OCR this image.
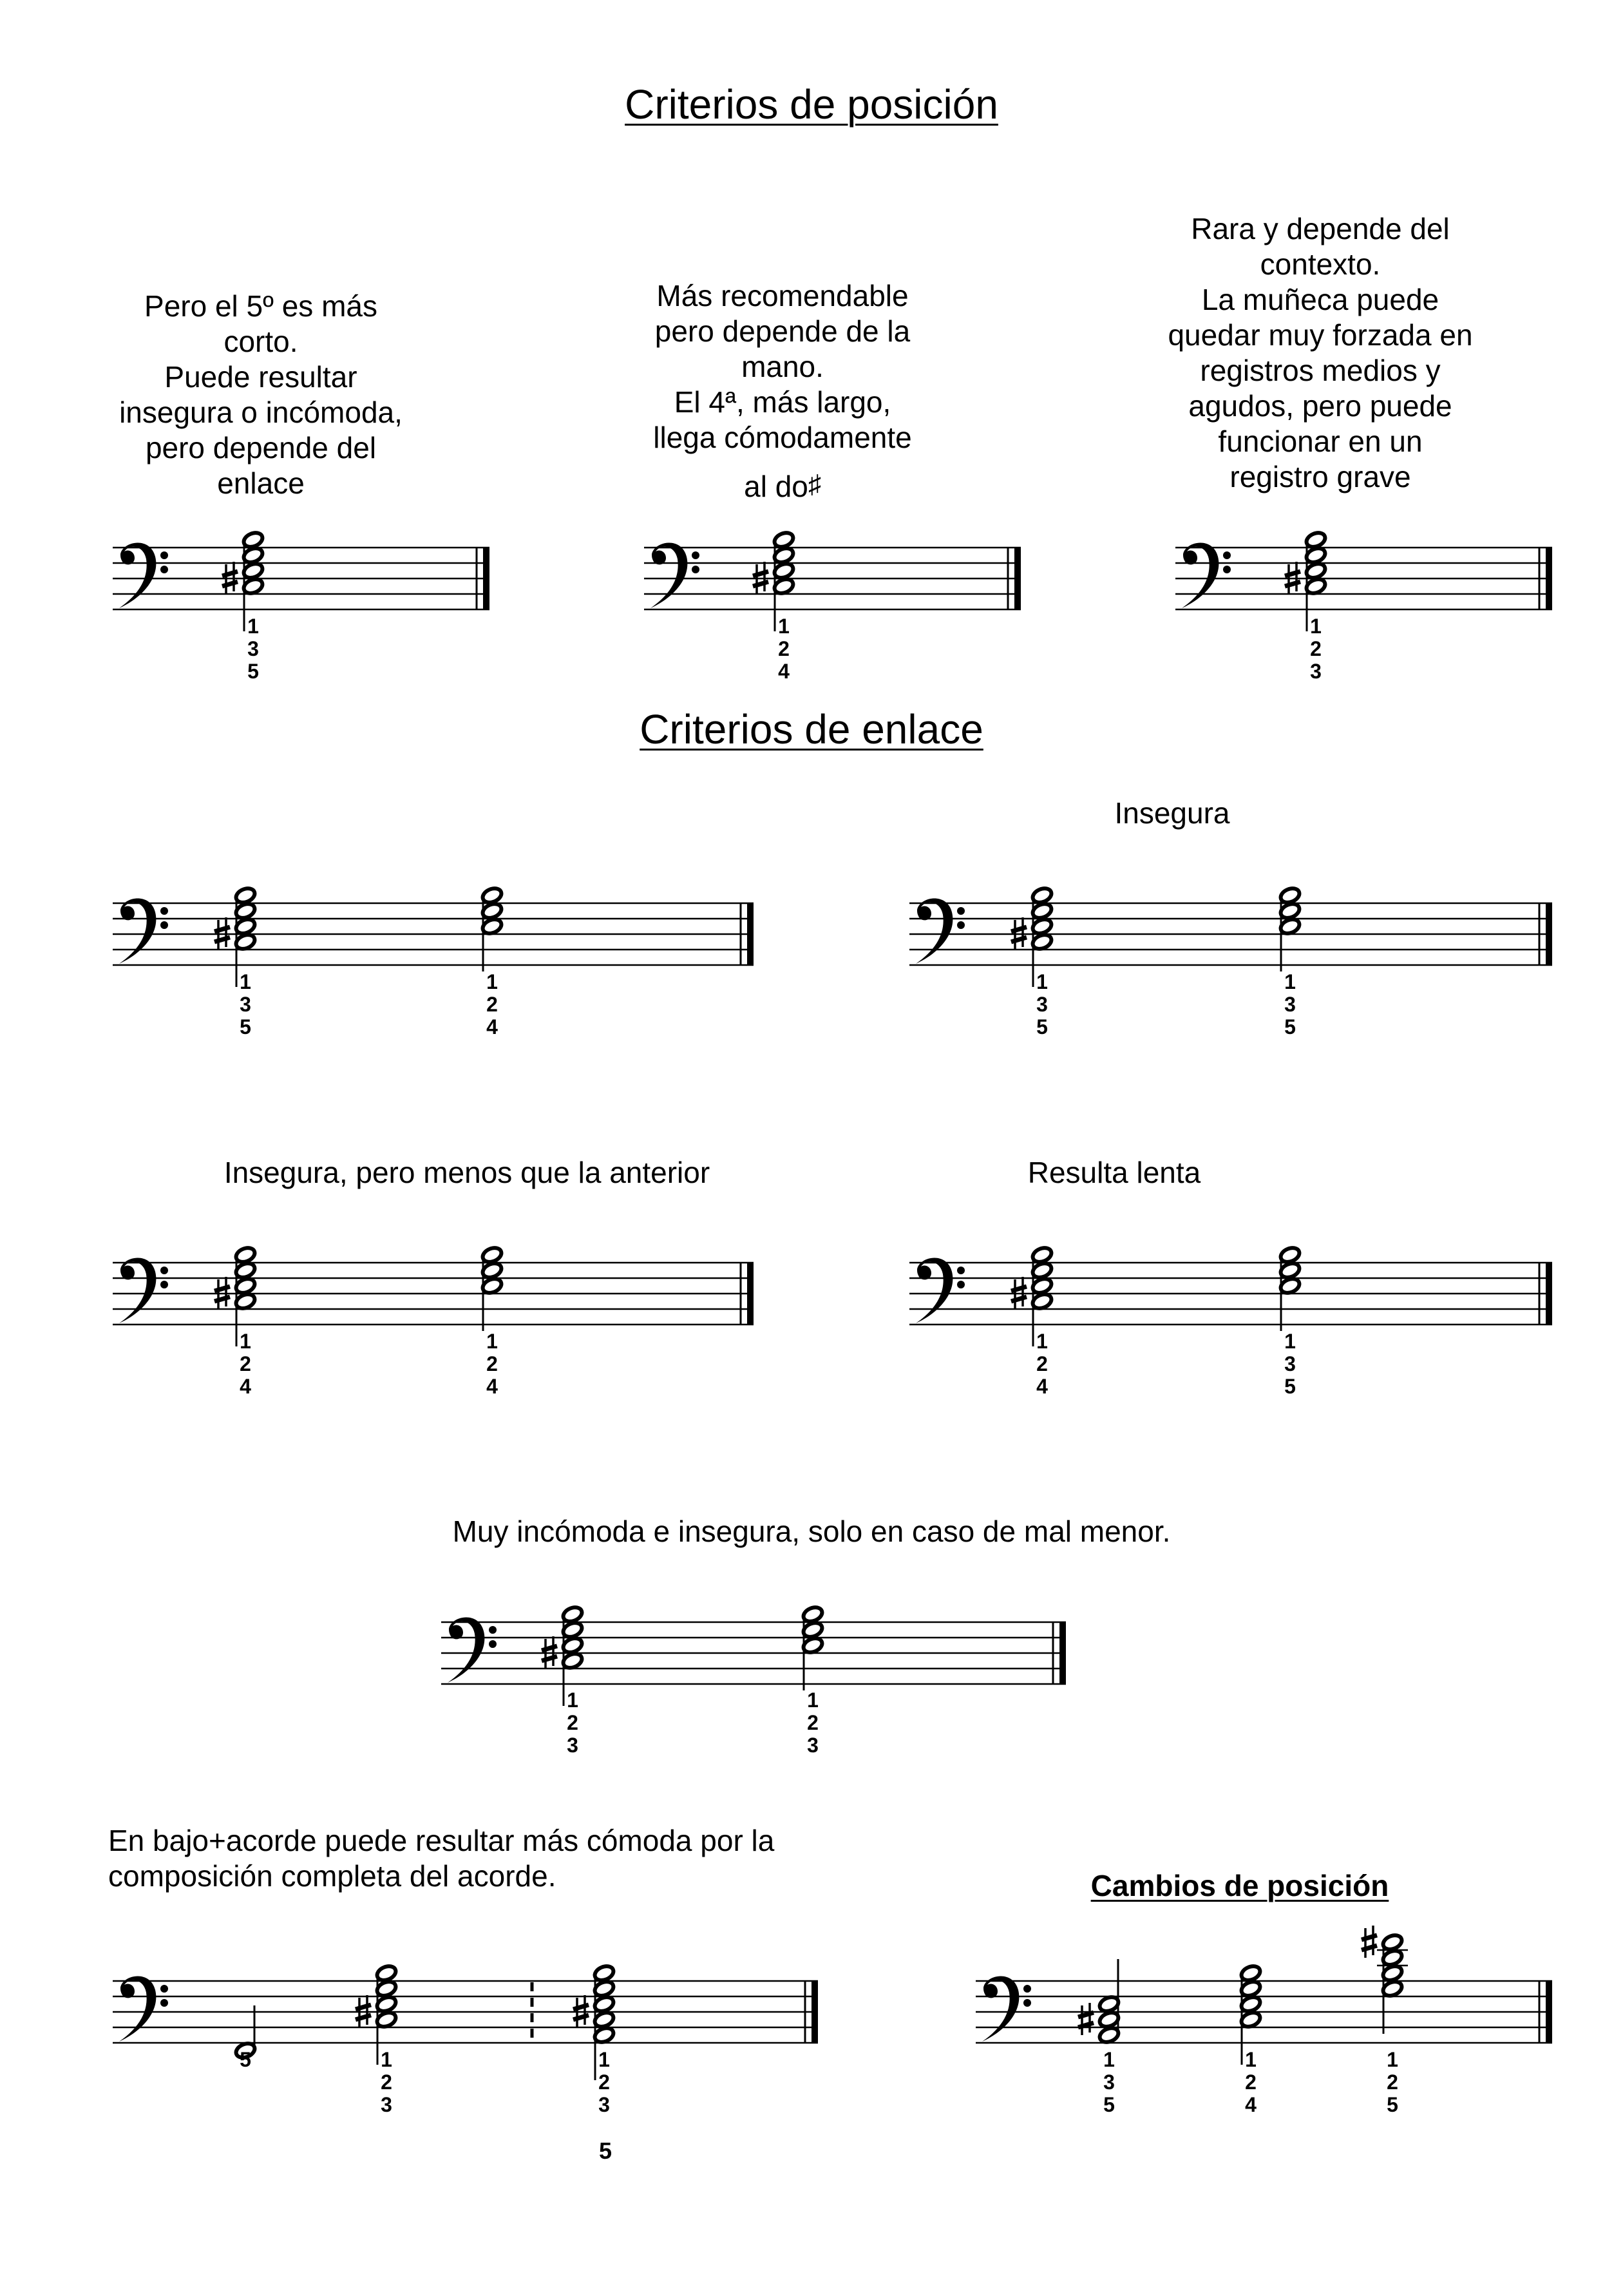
Criterios de posición
Criterios de enlace
Pero el 5º es más
corto.
Puede resultar
insegura o incómoda,
pero depende del
enlace
Más recomendable
pero depende de la
mano.
El 4ª, más largo,
llega cómodamente
al do♯
Rara y depende del
contexto.
La muñeca puede
quedar muy forzada en
registros medios y
agudos, pero puede
funcionar en un
registro grave
Insegura
Insegura, pero menos que la anterior	Resulta lenta
Muy incómoda e insegura, solo en caso de mal menor.
En bajo+acorde puede resultar más cómoda por la
composición completa del acorde.	Cambios de posición
5
1
3
5
1
2
4
1
2
3
1
3
5
1
2
4
1
3
5
1
3
5
1
2
4
1
2
4
1
2
4
1
3
5
1
2
3
1
2
3
5	1
2
3
1
2
3
1
3
5
1
2
4
1
2
5
